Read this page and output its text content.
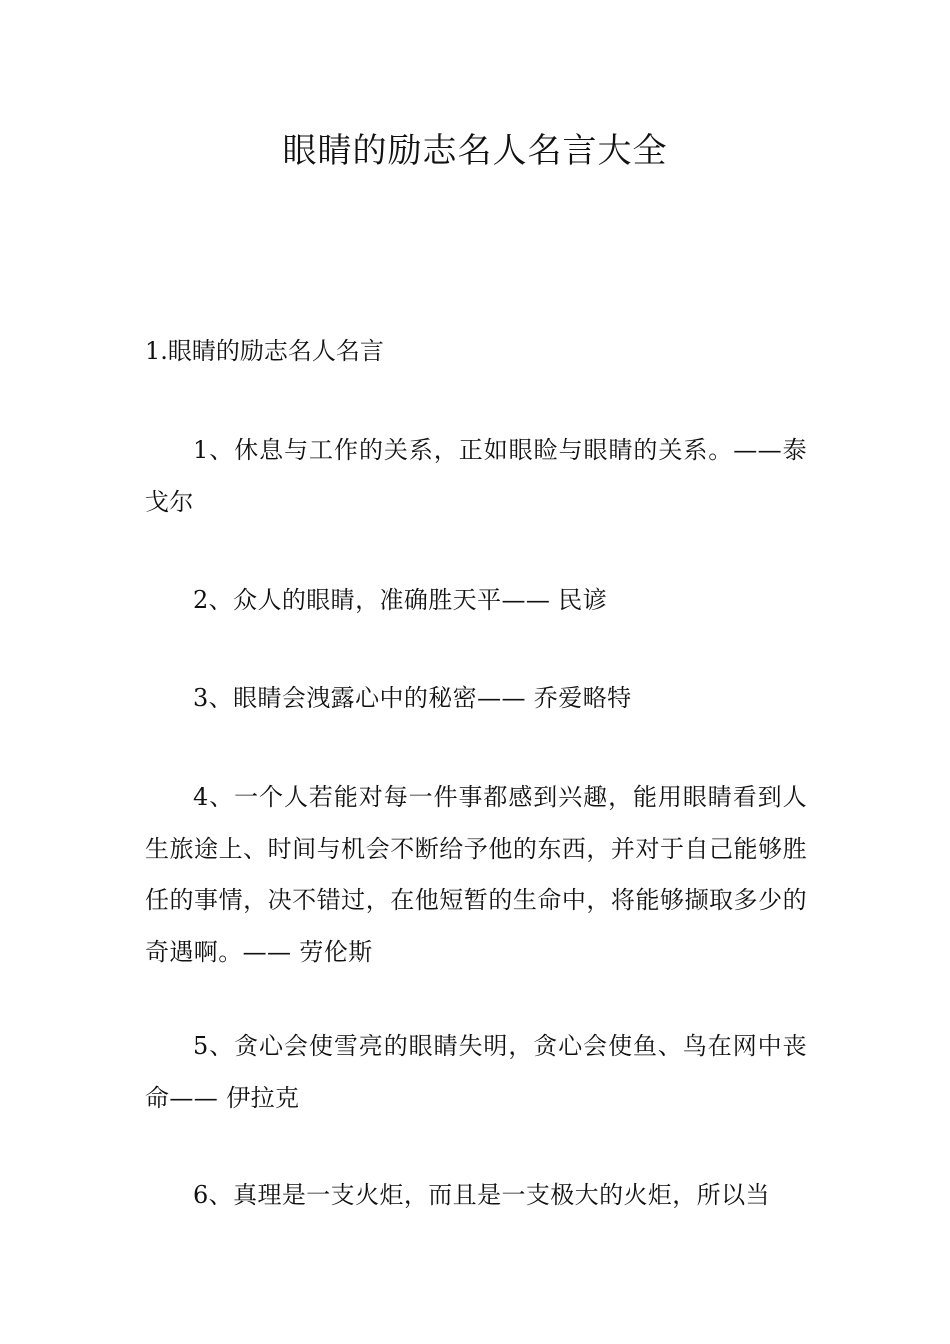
眼睛的励志名人名言大全

1.眼睛的励志名人名言

1、休息与工作的关系，正如眼睑与眼睛的关系。——泰戈尔

2、众人的眼睛，准确胜天平—— 民谚

3、眼睛会洩露心中的秘密—— 乔爱略特

4、一个人若能对每一件事都感到兴趣，能用眼睛看到人生旅途上、时间与机会不断给予他的东西，并对于自己能够胜任的事情，决不错过，在他短暂的生命中，将能够撷取多少的奇遇啊。—— 劳伦斯

5、贪心会使雪亮的眼睛失明，贪心会使鱼、鸟在网中丧命—— 伊拉克

6、真理是一支火炬，而且是一支极大的火炬，所以当
